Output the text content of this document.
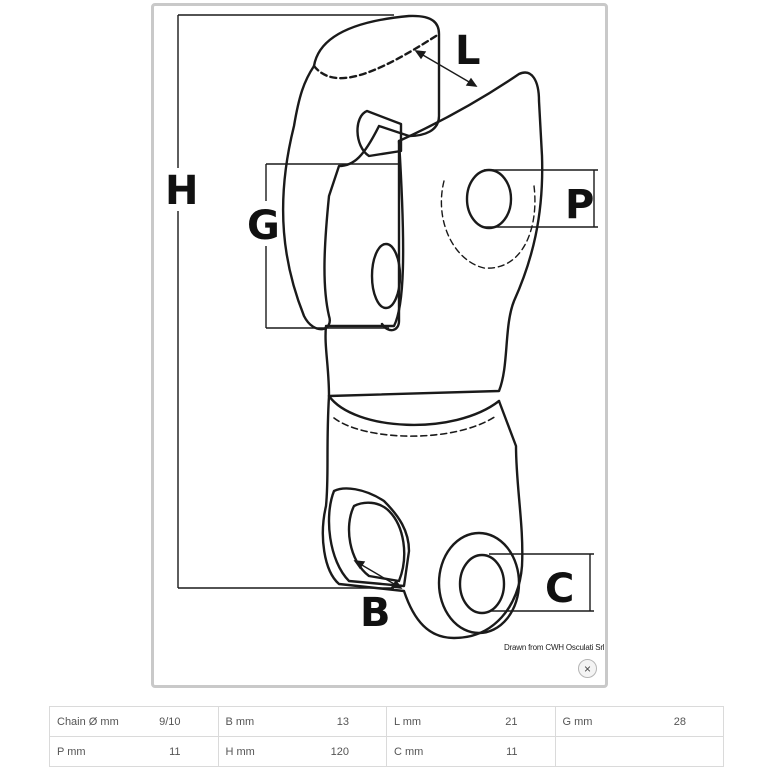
H
G
L
P
B
C
Drawn from CWH Osculati Srl
×
Chain Ø mm 9/10	B mm 13	L mm 21	G mm 28

P mm 11	H mm 120	C mm 11	
